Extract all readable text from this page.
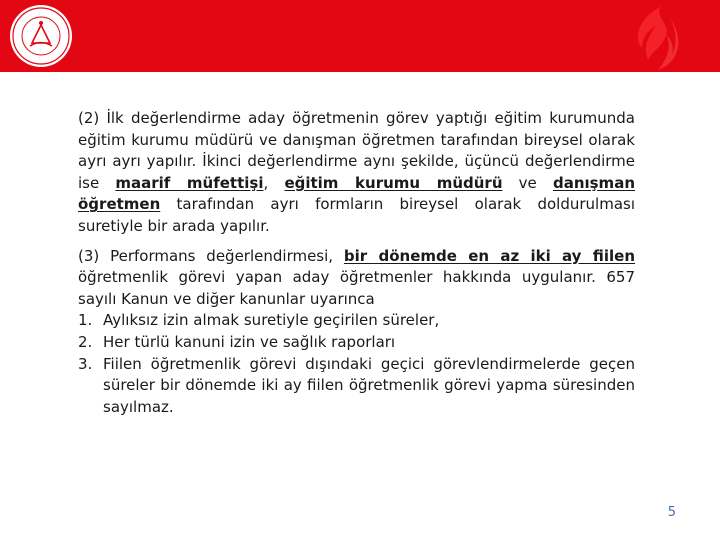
(2) İlk değerlendirme aday öğretmenin görev yaptığı eğitim kurumunda eğitim kurumu müdürü ve danışman öğretmen tarafından bireysel olarak ayrı ayrı yapılır. İkinci değerlendirme aynı şekilde, üçüncü değerlendirme ise maarif müfettişi, eğitim kurumu müdürü ve danışman öğretmen tarafından ayrı formların bireysel olarak doldurulması suretiyle bir arada yapılır.

(3) Performans değerlendirmesi, bir dönemde en az iki ay fiilen öğretmenlik görevi yapan aday öğretmenler hakkında uygulanır. 657 sayılı Kanun ve diğer kanunlar uyarınca

1. Aylıksız izin almak suretiyle geçirilen süreler,
2. Her türlü kanuni izin ve sağlık raporları
3. Fiilen öğretmenlik görevi dışındaki geçici görevlendirmelerde geçen süreler bir dönemde iki ay fiilen öğretmenlik görevi yapma süresinden sayılmaz.
5
